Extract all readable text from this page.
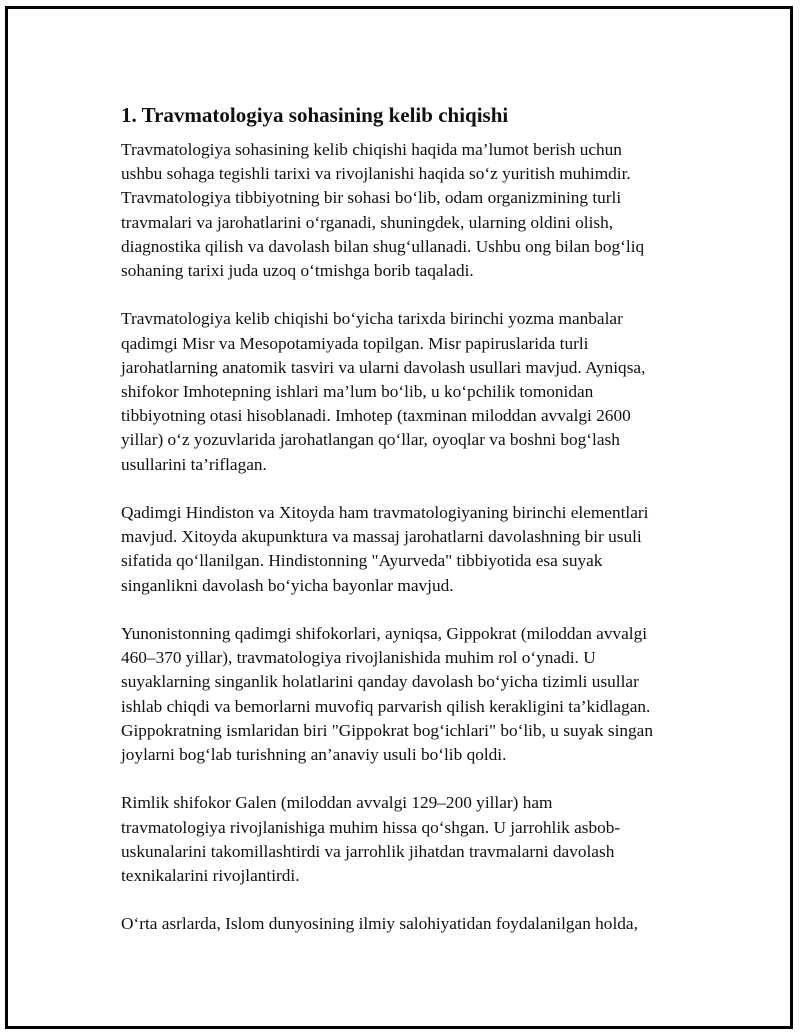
1. Travmatologiya sohasining kelib chiqishi

Travmatologiya sohasining kelib chiqishi haqida ma’lumot berish uchun
ushbu sohaga tegishli tarixi va rivojlanishi haqida so‘z yuritish muhimdir.
Travmatologiya tibbiyotning bir sohasi bo‘lib, odam organizmining turli
travmalari va jarohatlarini o‘rganadi, shuningdek, ularning oldini olish,
diagnostika qilish va davolash bilan shug‘ullanadi. Ushbu ong bilan bog‘liq
sohaning tarixi juda uzoq o‘tmishga borib taqaladi.

Travmatologiya kelib chiqishi bo‘yicha tarixda birinchi yozma manbalar
qadimgi Misr va Mesopotamiyada topilgan. Misr papiruslarida turli
jarohatlarning anatomik tasviri va ularni davolash usullari mavjud. Ayniqsa,
shifokor Imhotepning ishlari ma’lum bo‘lib, u ko‘pchilik tomonidan
tibbiyotning otasi hisoblanadi. Imhotep (taxminan miloddan avvalgi 2600
yillar) o‘z yozuvlarida jarohatlangan qo‘llar, oyoqlar va boshni bog‘lash
usullarini ta’riflagan.

Qadimgi Hindiston va Xitoyda ham travmatologiyaning birinchi elementlari
mavjud. Xitoyda akupunktura va massaj jarohatlarni davolashning bir usuli
sifatida qo‘llanilgan. Hindistonning "Ayurveda" tibbiyotida esa suyak
singanlikni davolash bo‘yicha bayonlar mavjud.

Yunonistonning qadimgi shifokorlari, ayniqsa, Gippokrat (miloddan avvalgi
460–370 yillar), travmatologiya rivojlanishida muhim rol o‘ynadi. U
suyaklarning singanlik holatlarini qanday davolash bo‘yicha tizimli usullar
ishlab chiqdi va bemorlarni muvofiq parvarish qilish kerakligini ta’kidlagan.
Gippokratning ismlaridan biri "Gippokrat bog‘ichlari" bo‘lib, u suyak singan
joylarni bog‘lab turishning an’anaviy usuli bo‘lib qoldi.

Rimlik shifokor Galen (miloddan avvalgi 129–200 yillar) ham
travmatologiya rivojlanishiga muhim hissa qo‘shgan. U jarrohlik asbob-
uskunalarini takomillashtirdi va jarrohlik jihatdan travmalarni davolash
texnikalarini rivojlantirdi.

O‘rta asrlarda, Islom dunyosining ilmiy salohiyatidan foydalanilgan holda,
